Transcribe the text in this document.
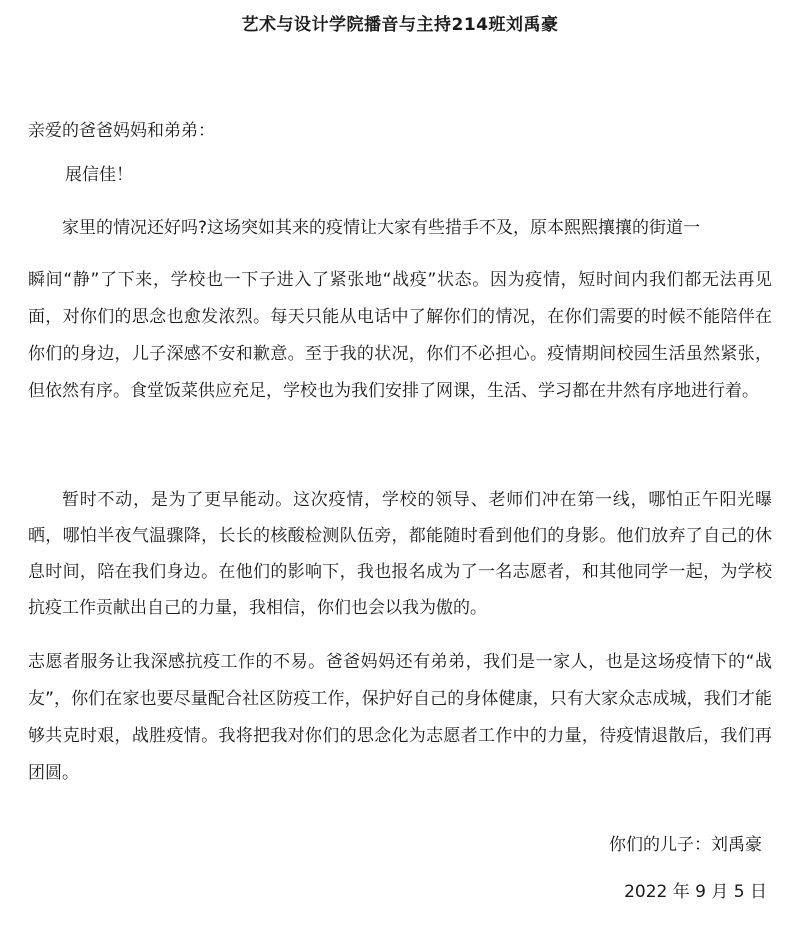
艺术与设计学院播音与主持214班刘禹豪
亲爱的爸爸妈妈和弟弟：
展信佳！
家里的情况还好吗?这场突如其来的疫情让大家有些措手不及，原本熙熙攘攘的街道一
瞬间“静”了下来，学校也一下子进入了紧张地“战疫”状态。因为疫情，短时间内我们都无法再见面，对你们的思念也愈发浓烈。每天只能从电话中了解你们的情况，在你们需要的时候不能陪伴在你们的身边，儿子深感不安和歉意。至于我的状况，你们不必担心。疫情期间校园生活虽然紧张，但依然有序。食堂饭菜供应充足，学校也为我们安排了网课，生活、学习都在井然有序地进行着。
暂时不动，是为了更早能动。这次疫情，学校的领导、老师们冲在第一线，哪怕正午阳光曝晒，哪怕半夜气温骤降，长长的核酸检测队伍旁，都能随时看到他们的身影。他们放弃了自己的休息时间，陪在我们身边。在他们的影响下，我也报名成为了一名志愿者，和其他同学一起，为学校抗疫工作贡献出自己的力量，我相信，你们也会以我为傲的。
志愿者服务让我深感抗疫工作的不易。爸爸妈妈还有弟弟，我们是一家人，也是这场疫情下的“战友”，你们在家也要尽量配合社区防疫工作，保护好自己的身体健康，只有大家众志成城，我们才能够共克时艰，战胜疫情。我将把我对你们的思念化为志愿者工作中的力量，待疫情退散后，我们再团圆。
你们的儿子：刘禹豪
2022 年 9 月 5 日
